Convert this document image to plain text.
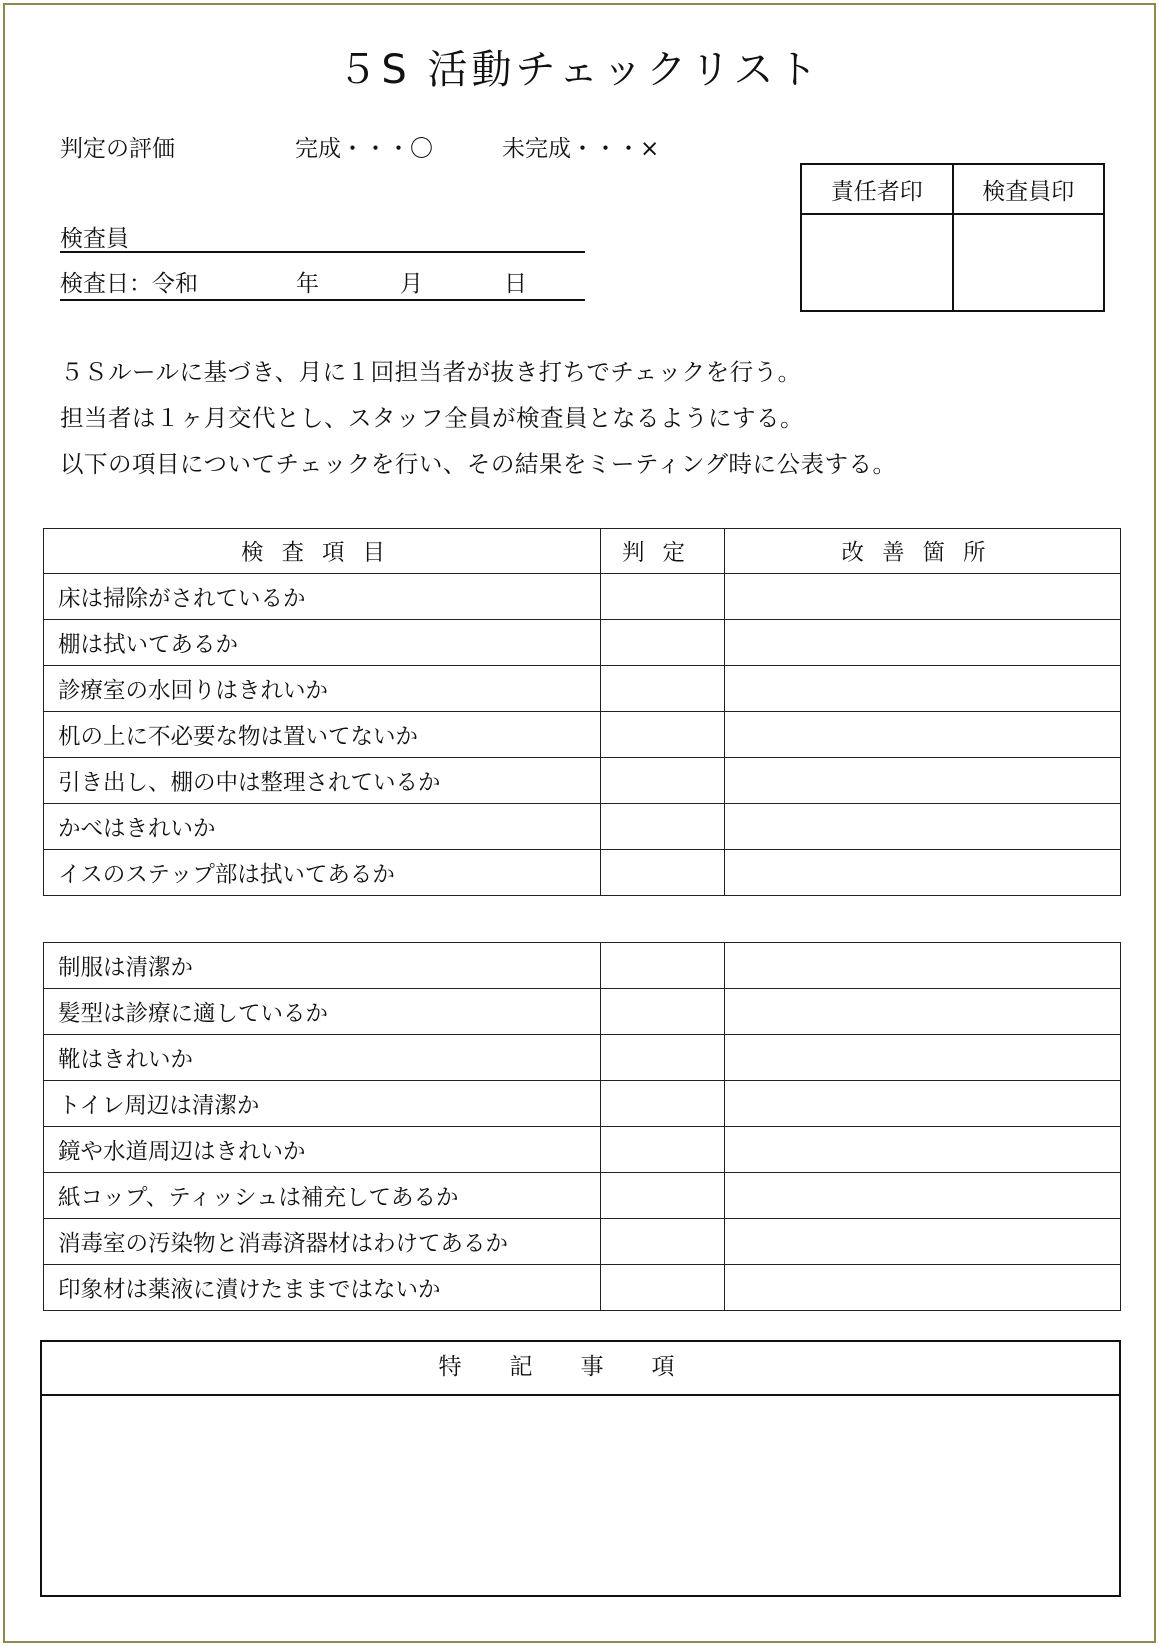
５S 活動チェックリスト
判定の評価	完成・・・〇	未完成・・・×
検査員
検査日：令和	年	月	日
責任者印	検査員印

５Ｓルールに基づき、月に１回担当者が抜き打ちでチェックを行う。

担当者は１ヶ月交代とし、スタッフ全員が検査員となるようにする。

以下の項目についてチェックを行い、その結果をミーティング時に公表する。

検査項目	判定	改善箇所
床は掃除がされているか		
棚は拭いてあるか		
診療室の水回りはきれいか		
机の上に不必要な物は置いてないか		
引き出し、棚の中は整理されているか		
かべはきれいか		
イスのステップ部は拭いてあるか		
制服は清潔か		
髪型は診療に適しているか		
靴はきれいか		
トイレ周辺は清潔か		
鏡や水道周辺はきれいか		
紙コップ、ティッシュは補充してあるか		
消毒室の汚染物と消毒済器材はわけてあるか		
印象材は薬液に漬けたままではないか		
特記事項
